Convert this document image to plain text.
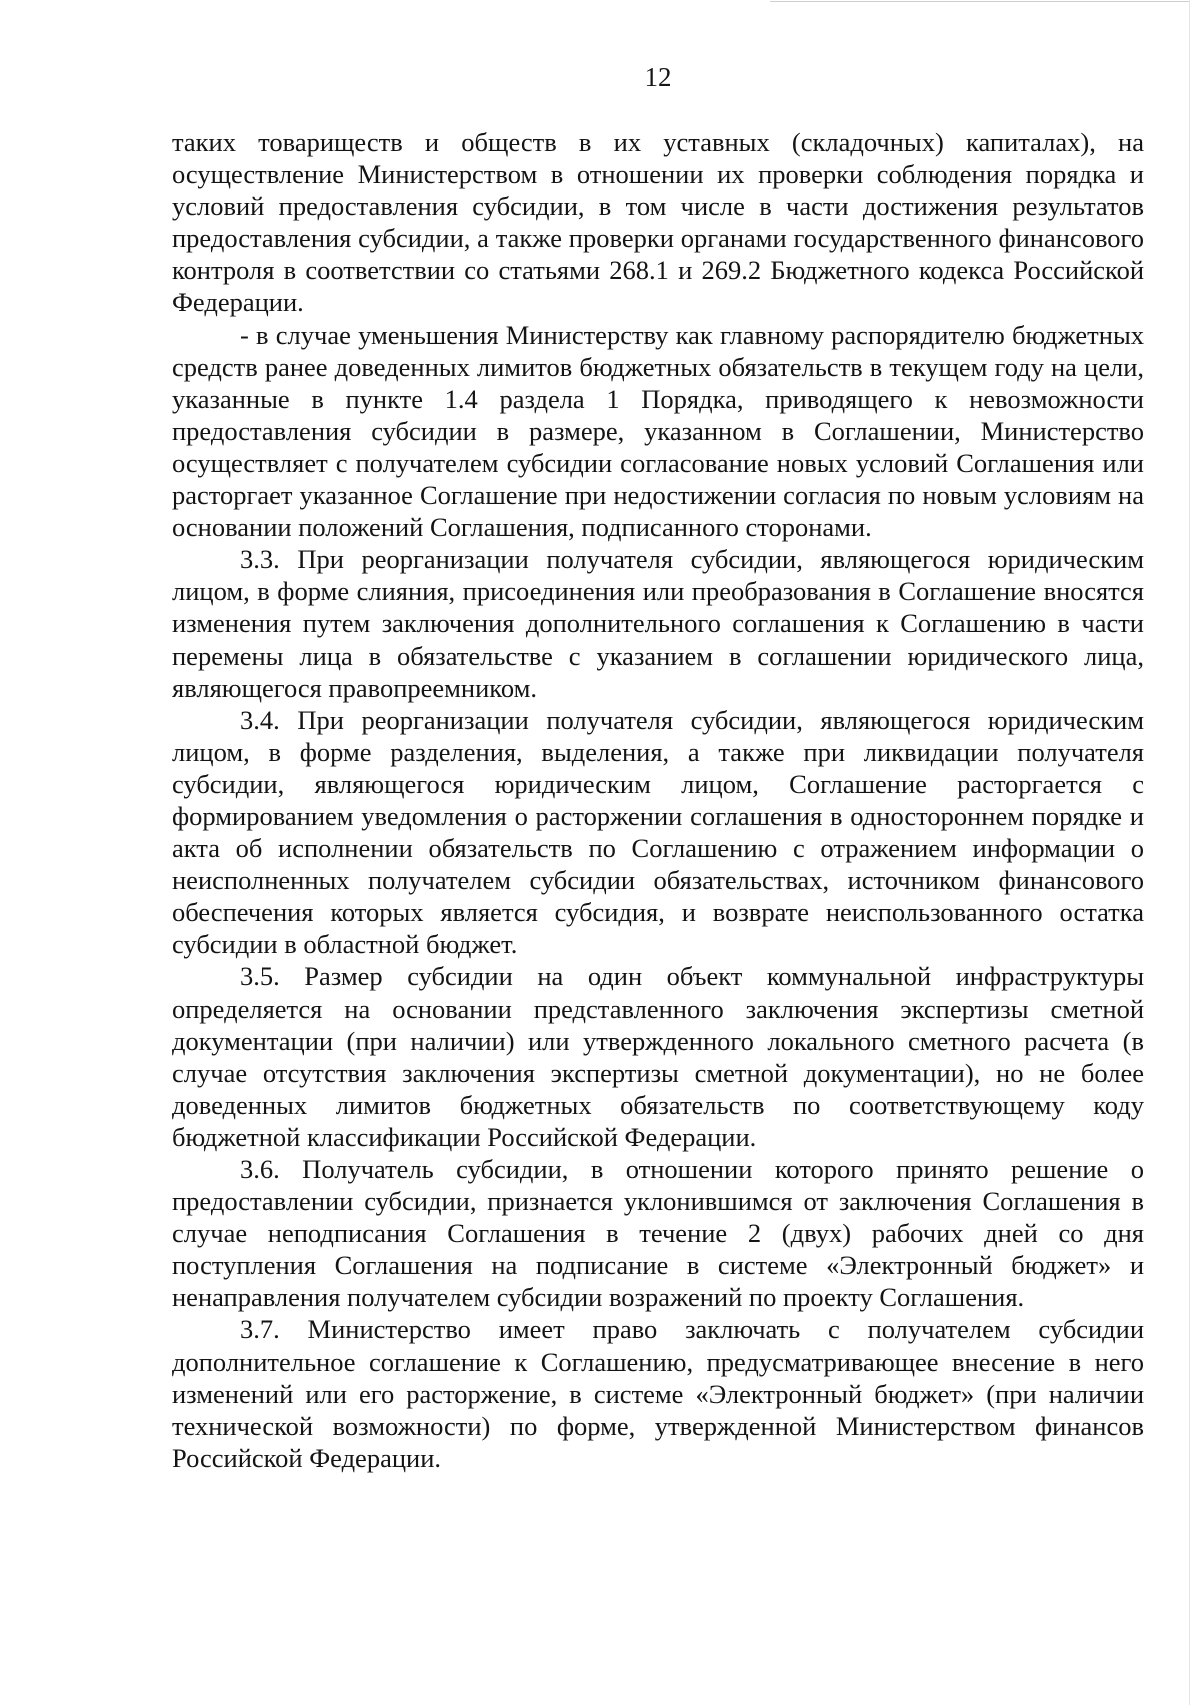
12

таких товариществ и обществ в их уставных (складочных) капиталах), на осуществление Министерством в отношении их проверки соблюдения порядка и условий предоставления субсидии, в том числе в части достижения результатов предоставления субсидии, а также проверки органами государственного финансового контроля в соответствии со статьями 268.1 и 269.2 Бюджетного кодекса Российской Федерации.

- в случае уменьшения Министерству как главному распорядителю бюджетных средств ранее доведенных лимитов бюджетных обязательств в текущем году на цели, указанные в пункте 1.4 раздела 1 Порядка, приводящего к невозможности предоставления субсидии в размере, указанном в Соглашении, Министерство осуществляет с получателем субсидии согласование новых условий Соглашения или расторгает указанное Соглашение при недостижении согласия по новым условиям на основании положений Соглашения, подписанного сторонами.

3.3. При реорганизации получателя субсидии, являющегося юридическим лицом, в форме слияния, присоединения или преобразования в Соглашение вносятся изменения путем заключения дополнительного соглашения к Соглашению в части перемены лица в обязательстве с указанием в соглашении юридического лица, являющегося правопреемником.

3.4. При реорганизации получателя субсидии, являющегося юридическим лицом, в форме разделения, выделения, а также при ликвидации получателя субсидии, являющегося юридическим лицом, Соглашение расторгается с формированием уведомления о расторжении соглашения в одностороннем порядке и акта об исполнении обязательств по Соглашению с отражением информации о неисполненных получателем субсидии обязательствах, источником финансового обеспечения которых является субсидия, и возврате неиспользованного остатка субсидии в областной бюджет.

3.5. Размер субсидии на один объект коммунальной инфраструктуры определяется на основании представленного заключения экспертизы сметной документации (при наличии) или утвержденного локального сметного расчета (в случае отсутствия заключения экспертизы сметной документации), но не более доведенных лимитов бюджетных обязательств по соответствующему коду бюджетной классификации Российской Федерации.

3.6. Получатель субсидии, в отношении которого принято решение о предоставлении субсидии, признается уклонившимся от заключения Соглашения в случае неподписания Соглашения в течение 2 (двух) рабочих дней со дня поступления Соглашения на подписание в системе «Электронный бюджет» и ненаправления получателем субсидии возражений по проекту Соглашения.

3.7. Министерство имеет право заключать с получателем субсидии дополнительное соглашение к Соглашению, предусматривающее внесение в него изменений или его расторжение, в системе «Электронный бюджет» (при наличии технической возможности) по форме, утвержденной Министерством финансов Российской Федерации.
